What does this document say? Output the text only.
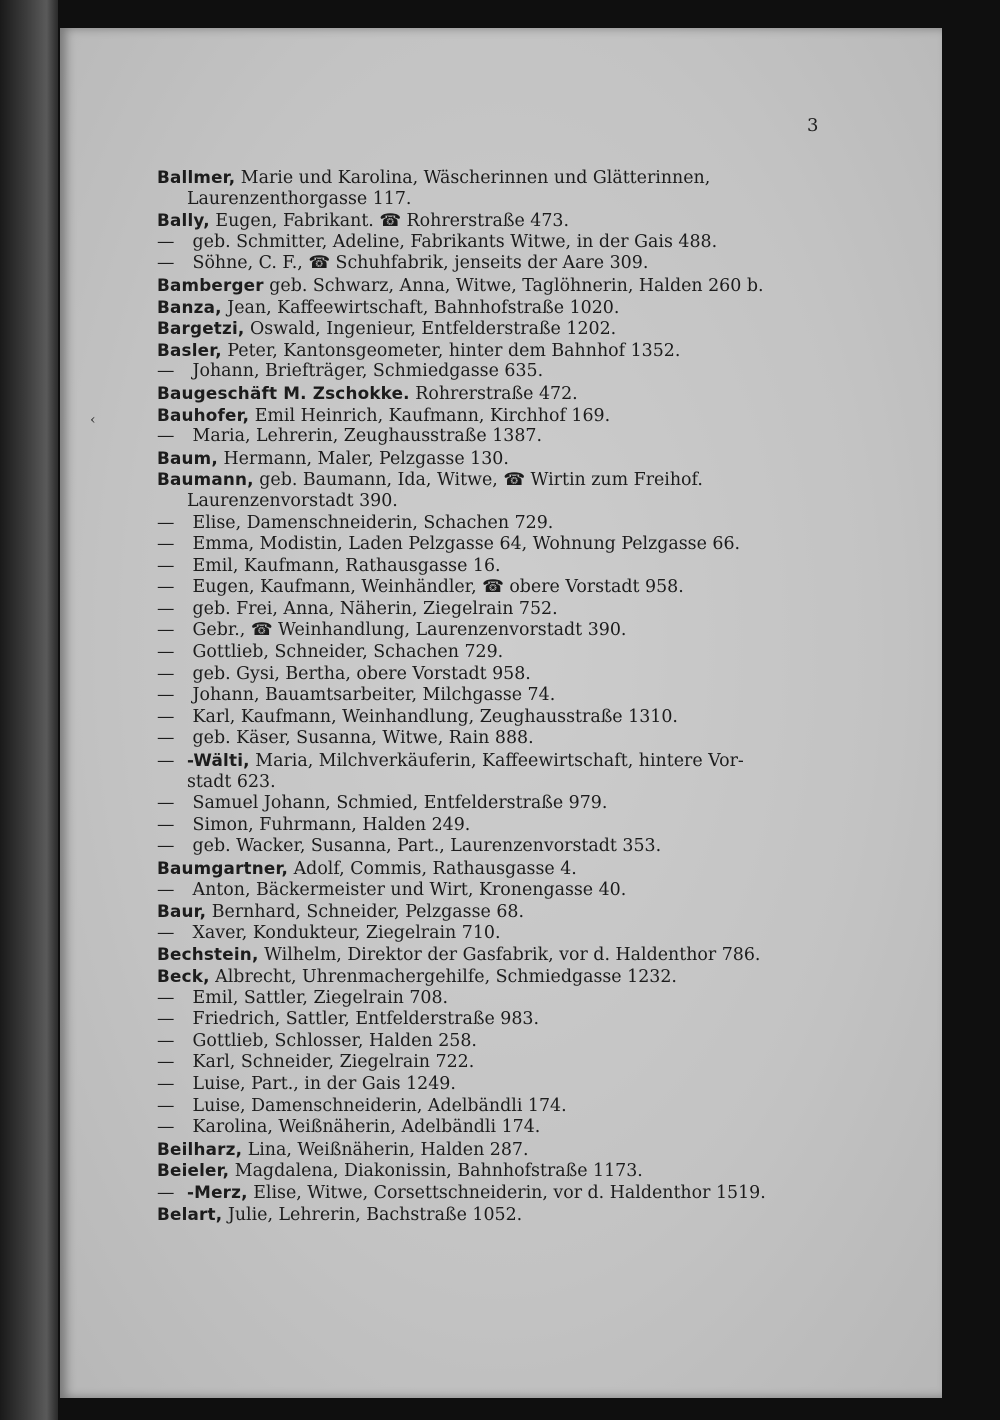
3
‹
Ballmer, Marie und Karolina, Wäscherinnen und Glätterinnen,
Laurenzenthorgasse 117.
Bally, Eugen, Fabrikant. ☎ Rohrerstraße 473.
— geb. Schmitter, Adeline, Fabrikants Witwe, in der Gais 488.
— Söhne, C. F., ☎ Schuhfabrik, jenseits der Aare 309.
Bamberger geb. Schwarz, Anna, Witwe, Taglöhnerin, Halden 260 b.
Banza, Jean, Kaffeewirtschaft, Bahnhofstraße 1020.
Bargetzi, Oswald, Ingenieur, Entfelderstraße 1202.
Basler, Peter, Kantonsgeometer, hinter dem Bahnhof 1352.
— Johann, Briefträger, Schmiedgasse 635.
Baugeschäft M. Zschokke. Rohrerstraße 472.
Bauhofer, Emil Heinrich, Kaufmann, Kirchhof 169.
— Maria, Lehrerin, Zeughausstraße 1387.
Baum, Hermann, Maler, Pelzgasse 130.
Baumann, geb. Baumann, Ida, Witwe, ☎ Wirtin zum Freihof.
Laurenzenvorstadt 390.
— Elise, Damenschneiderin, Schachen 729.
— Emma, Modistin, Laden Pelzgasse 64, Wohnung Pelzgasse 66.
— Emil, Kaufmann, Rathausgasse 16.
— Eugen, Kaufmann, Weinhändler, ☎ obere Vorstadt 958.
— geb. Frei, Anna, Näherin, Ziegelrain 752.
— Gebr., ☎ Weinhandlung, Laurenzenvorstadt 390.
— Gottlieb, Schneider, Schachen 729.
— geb. Gysi, Bertha, obere Vorstadt 958.
— Johann, Bauamtsarbeiter, Milchgasse 74.
— Karl, Kaufmann, Weinhandlung, Zeughausstraße 1310.
— geb. Käser, Susanna, Witwe, Rain 888.
— -Wälti, Maria, Milchverkäuferin, Kaffeewirtschaft, hintere Vor-
stadt 623.
— Samuel Johann, Schmied, Entfelderstraße 979.
— Simon, Fuhrmann, Halden 249.
— geb. Wacker, Susanna, Part., Laurenzenvorstadt 353.
Baumgartner, Adolf, Commis, Rathausgasse 4.
— Anton, Bäckermeister und Wirt, Kronengasse 40.
Baur, Bernhard, Schneider, Pelzgasse 68.
— Xaver, Kondukteur, Ziegelrain 710.
Bechstein, Wilhelm, Direktor der Gasfabrik, vor d. Haldenthor 786.
Beck, Albrecht, Uhrenmachergehilfe, Schmiedgasse 1232.
— Emil, Sattler, Ziegelrain 708.
— Friedrich, Sattler, Entfelderstraße 983.
— Gottlieb, Schlosser, Halden 258.
— Karl, Schneider, Ziegelrain 722.
— Luise, Part., in der Gais 1249.
— Luise, Damenschneiderin, Adelbändli 174.
— Karolina, Weißnäherin, Adelbändli 174.
Beilharz, Lina, Weißnäherin, Halden 287.
Beieler, Magdalena, Diakonissin, Bahnhofstraße 1173.
— -Merz, Elise, Witwe, Corsettschneiderin, vor d. Haldenthor 1519.
Belart, Julie, Lehrerin, Bachstraße 1052.
